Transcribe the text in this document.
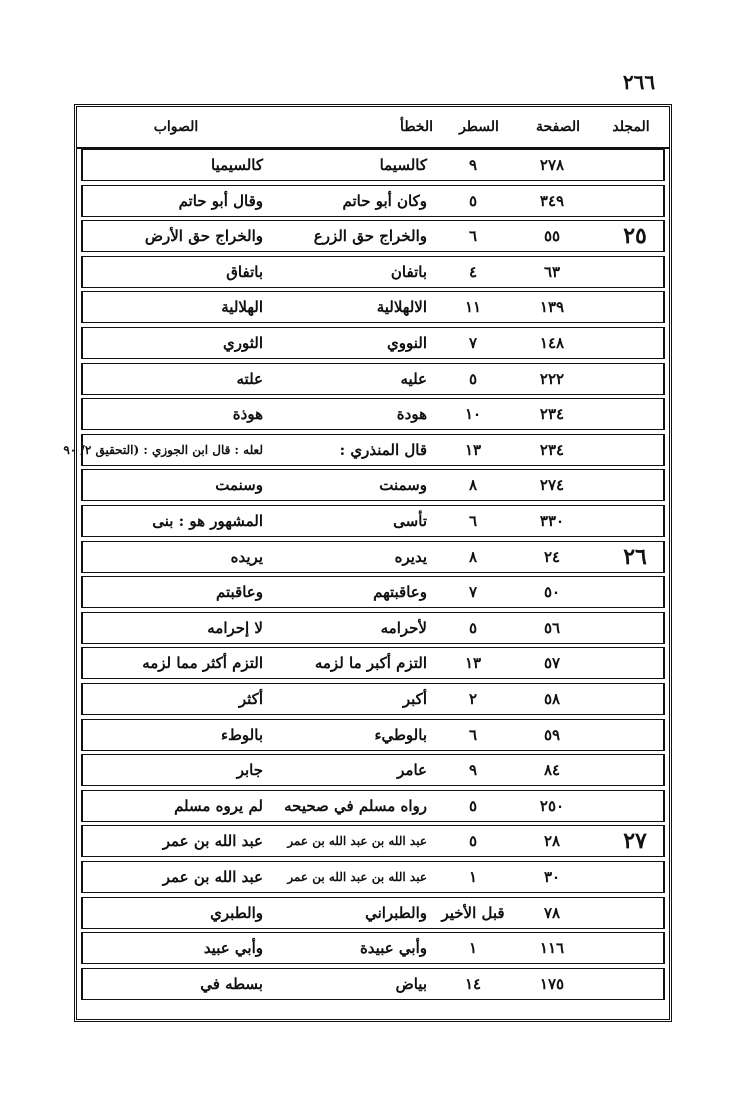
٢٦٦
المجلد
الصفحة
السطر
الخطأ
الصواب
٢٧٨
٩
كالسيما
كالسيميا
٣٤٩
٥
وكان أبو حاتم
وقال أبو حاتم
٢٥
٥٥
٦
والخراج حق الزرع
والخراج حق الأرض
٦٣
٤
باتفان
باتفاق
١٣٩
١١
الالهلالية
الهلالية
١٤٨
٧
النووي
الثوري
٢٢٢
٥
عليه
علته
٢٣٤
١٠
هودة
هوذة
٢٣٤
١٣
قال المنذري :
لعله : قال ابن الجوزي : (التحقيق ٢/ ٩٠
٢٧٤
٨
وسمنت
وسنمت
٣٣٠
٦
تأسى
المشهور هو : بنى
٢٦
٢٤
٨
يديره
يريده
٥٠
٧
وعاقبتهم
وعاقبتم
٥٦
٥
لأحرامه
لا إحرامه
٥٧
١٣
التزم أكبر ما لزمه
التزم أكثر مما لزمه
٥٨
٢
أكبر
أكثر
٥٩
٦
بالوطيء
بالوطء
٨٤
٩
عامر
جابر
٢٥٠
٥
رواه مسلم في صحيحه
لم يروه مسلم
٢٧
٢٨
٥
عبد الله بن عبد الله بن عمر
عبد الله بن عمر
٣٠
١
عبد الله بن عبد الله بن عمر
عبد الله بن عمر
٧٨
قبل الأخير
والطبراني
والطبري
١١٦
١
وأبي عبيدة
وأبي عبيد
١٧٥
١٤
بياض
بسطه في
